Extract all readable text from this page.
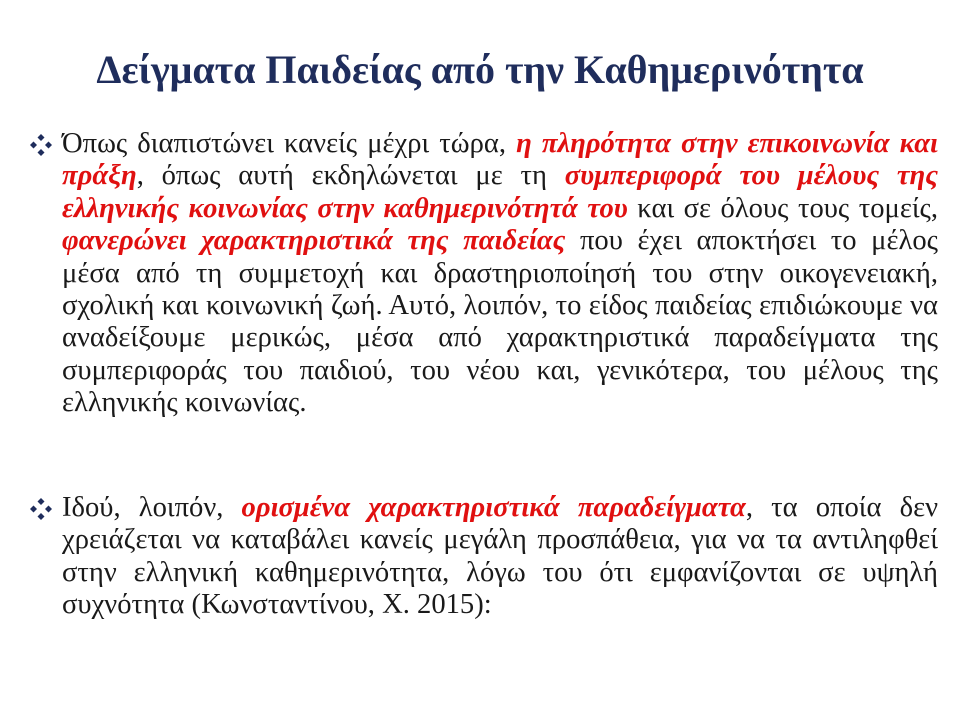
Δείγματα Παιδείας από την Καθημερινότητα

Όπως διαπιστώνει κανείς μέχρι τώρα, η πληρότητα στην επικοινωνία και πράξη, όπως αυτή εκδηλώνεται με τη συμπεριφορά του μέλους της ελληνικής κοινωνίας στην καθημερινότητά του και σε όλους τους τομείς, φανερώνει χαρακτηριστικά της παιδείας που έχει αποκτήσει το μέλος μέσα από τη συμμετοχή και δραστηριοποίησή του στην οικογενειακή, σχολική και κοινωνική ζωή. Αυτό, λοιπόν, το είδος παιδείας επιδιώκουμε να αναδείξουμε μερικώς, μέσα από χαρακτηριστικά παραδείγματα της συμπεριφοράς του παιδιού, του νέου και, γενικότερα, του μέλους της ελληνικής κοινωνίας.

Ιδού, λοιπόν, ορισμένα χαρακτηριστικά παραδείγματα, τα οποία δεν χρειάζεται να καταβάλει κανείς μεγάλη προσπάθεια, για να τα αντιληφθεί στην ελληνική καθημερινότητα, λόγω του ότι εμφανίζονται σε υψηλή συχνότητα (Κωνσταντίνου, Χ. 2015):
